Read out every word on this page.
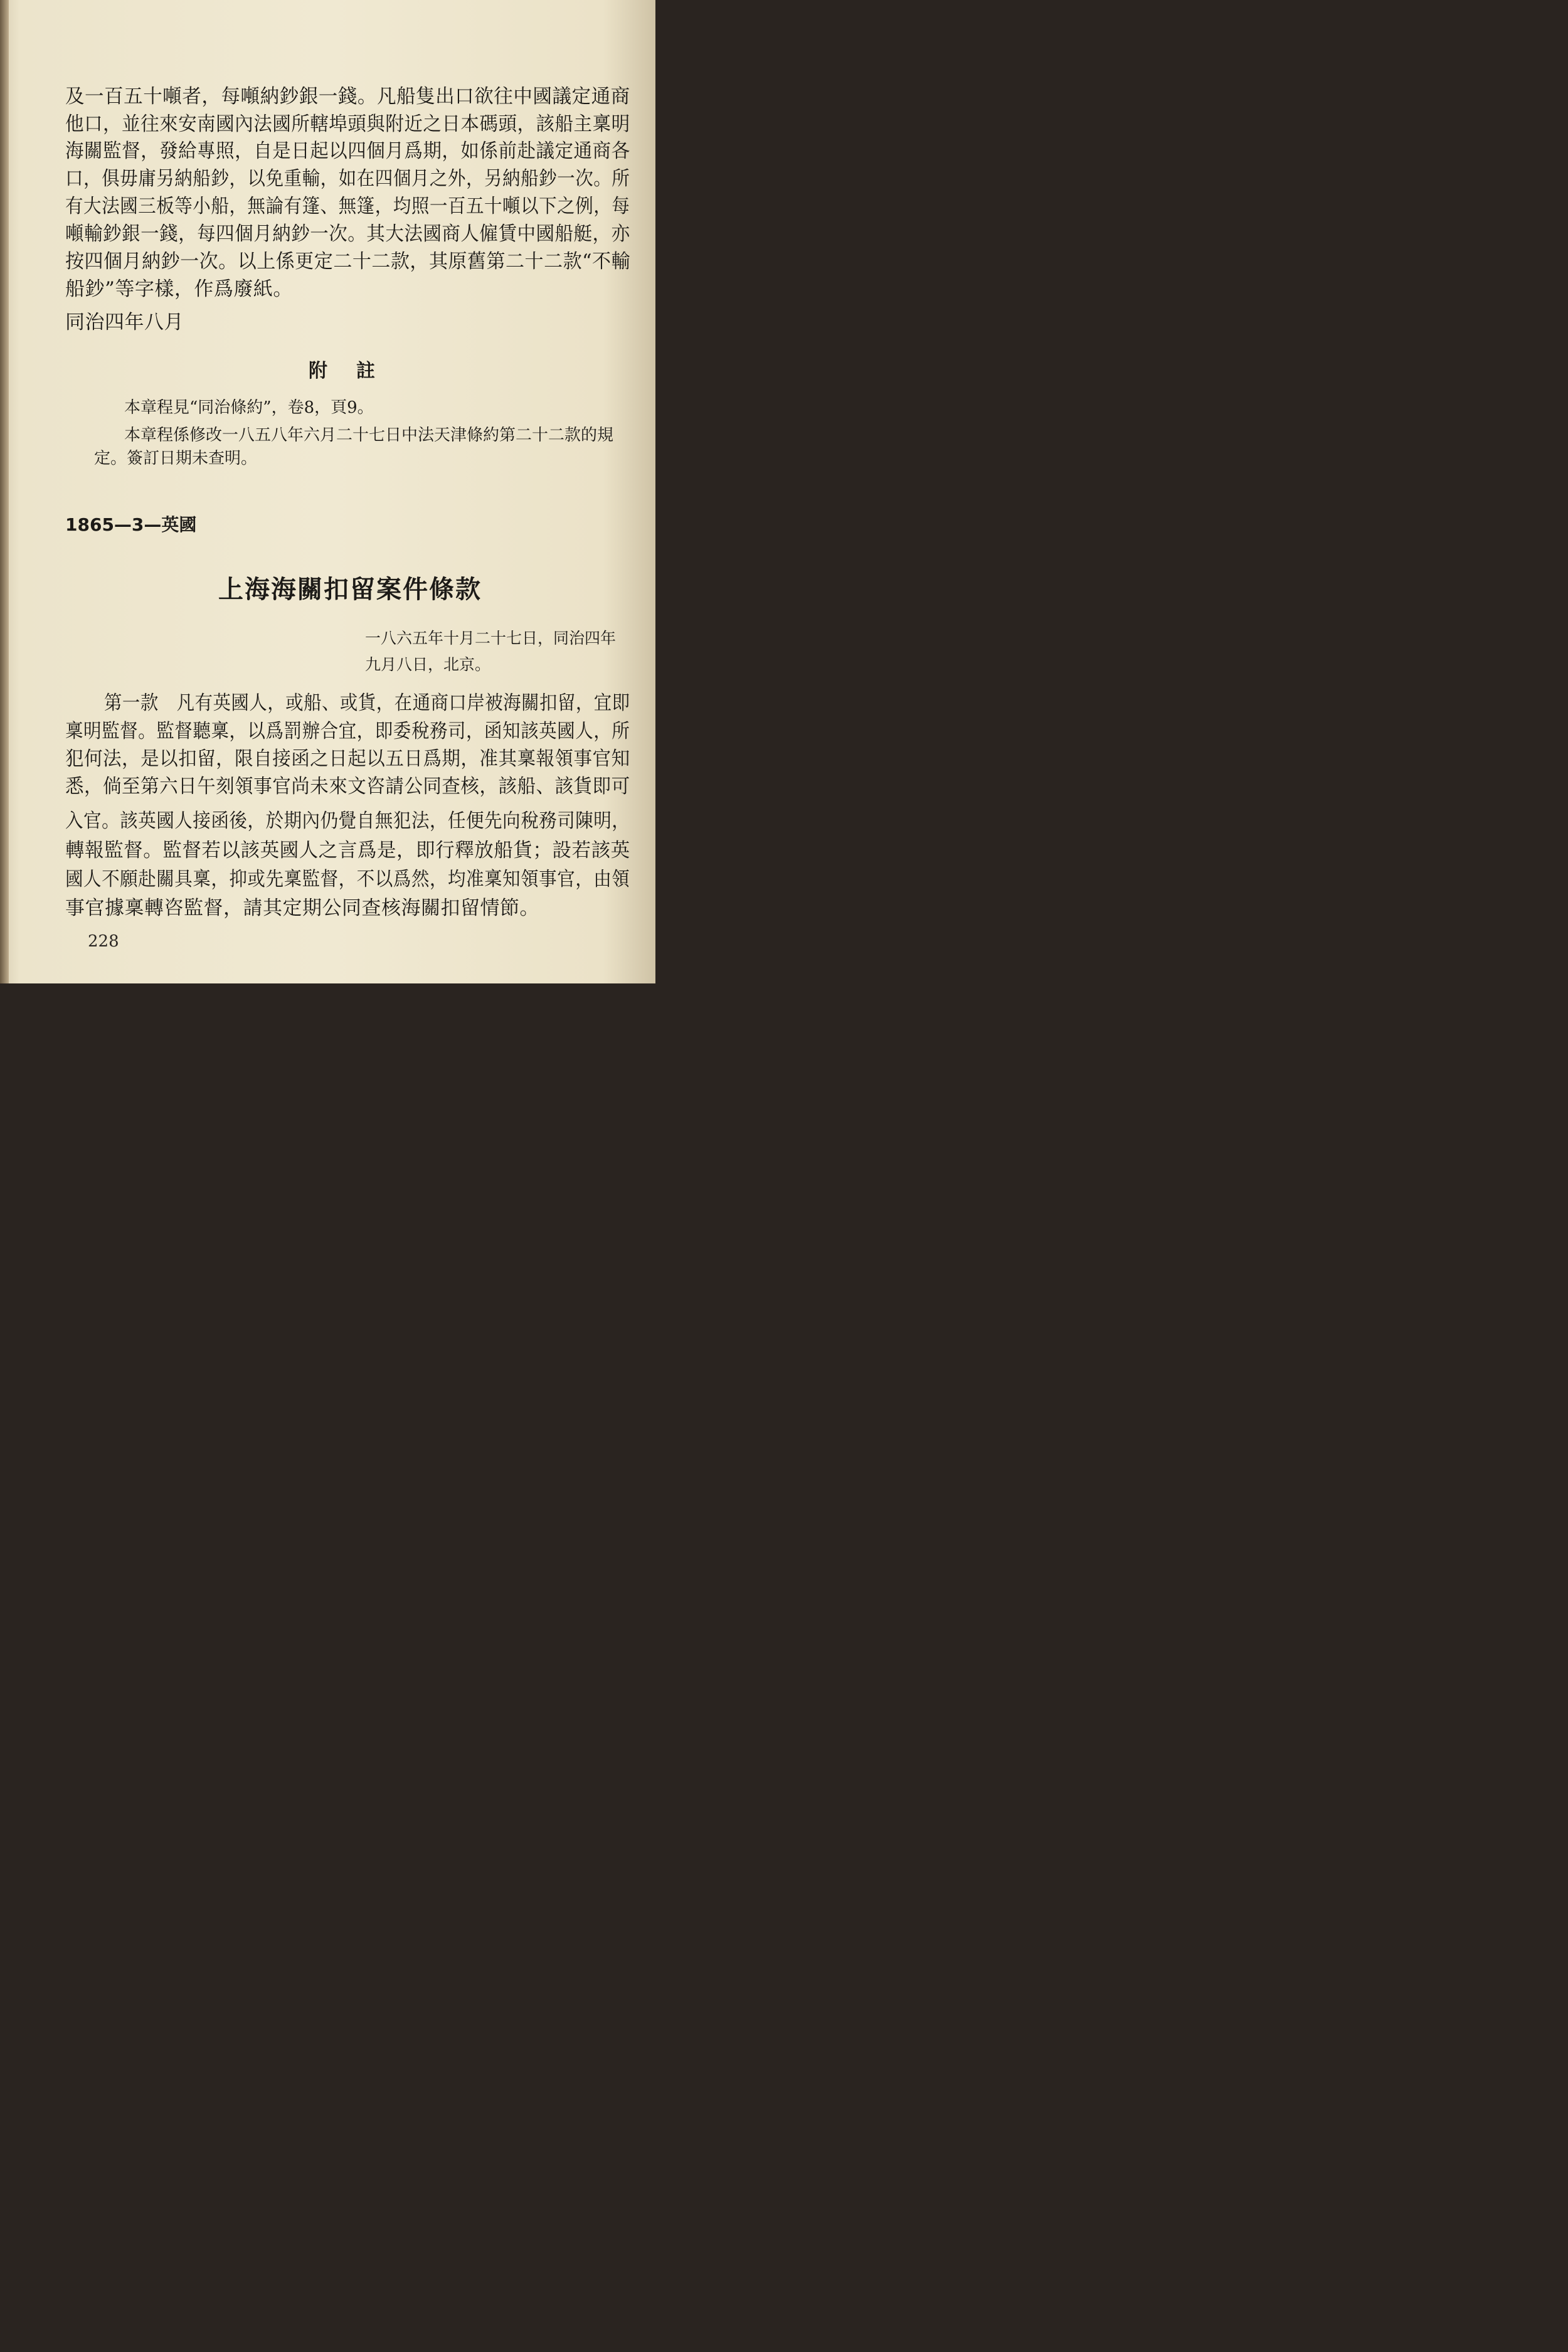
及一百五十噸者，每噸納鈔銀一錢。凡船隻出口欲往中國議定通商
他口，並往來安南國內法國所轄埠頭與附近之日本碼頭，該船主稟明
海關監督，發給專照，自是日起以四個月爲期，如係前赴議定通商各
口，俱毋庸另納船鈔，以免重輸，如在四個月之外，另納船鈔一次。所
有大法國三板等小船，無論有篷、無篷，均照一百五十噸以下之例，每
噸輸鈔銀一錢，每四個月納鈔一次。其大法國商人僱賃中國船艇，亦
按四個月納鈔一次。以上係更定二十二款，其原舊第二十二款“不輸
船鈔”等字樣，作爲廢紙。
同治四年八月
附註
本章程見“同治條約”，卷8，頁9。
本章程係修改一八五八年六月二十七日中法天津條約第二十二款的規
定。簽訂日期未查明。
1865—3—英國
上海海關扣留案件條款
一八六五年十月二十七日，同治四年
九月八日，北京。
第一款　凡有英國人，或船、或貨，在通商口岸被海關扣留，宜即
稟明監督。監督聽稟，以爲罰辦合宜，即委稅務司，函知該英國人，所
犯何法，是以扣留，限自接函之日起以五日爲期，准其稟報領事官知
悉，倘至第六日午刻領事官尚未來文咨請公同查核，該船、該貨即可
入官。該英國人接函後，於期內仍覺自無犯法，任便先向稅務司陳明，
轉報監督。監督若以該英國人之言爲是，即行釋放船貨；設若該英
國人不願赴關具稟，抑或先稟監督，不以爲然，均准稟知領事官，由領
事官據稟轉咨監督，請其定期公同查核海關扣留情節。
228
